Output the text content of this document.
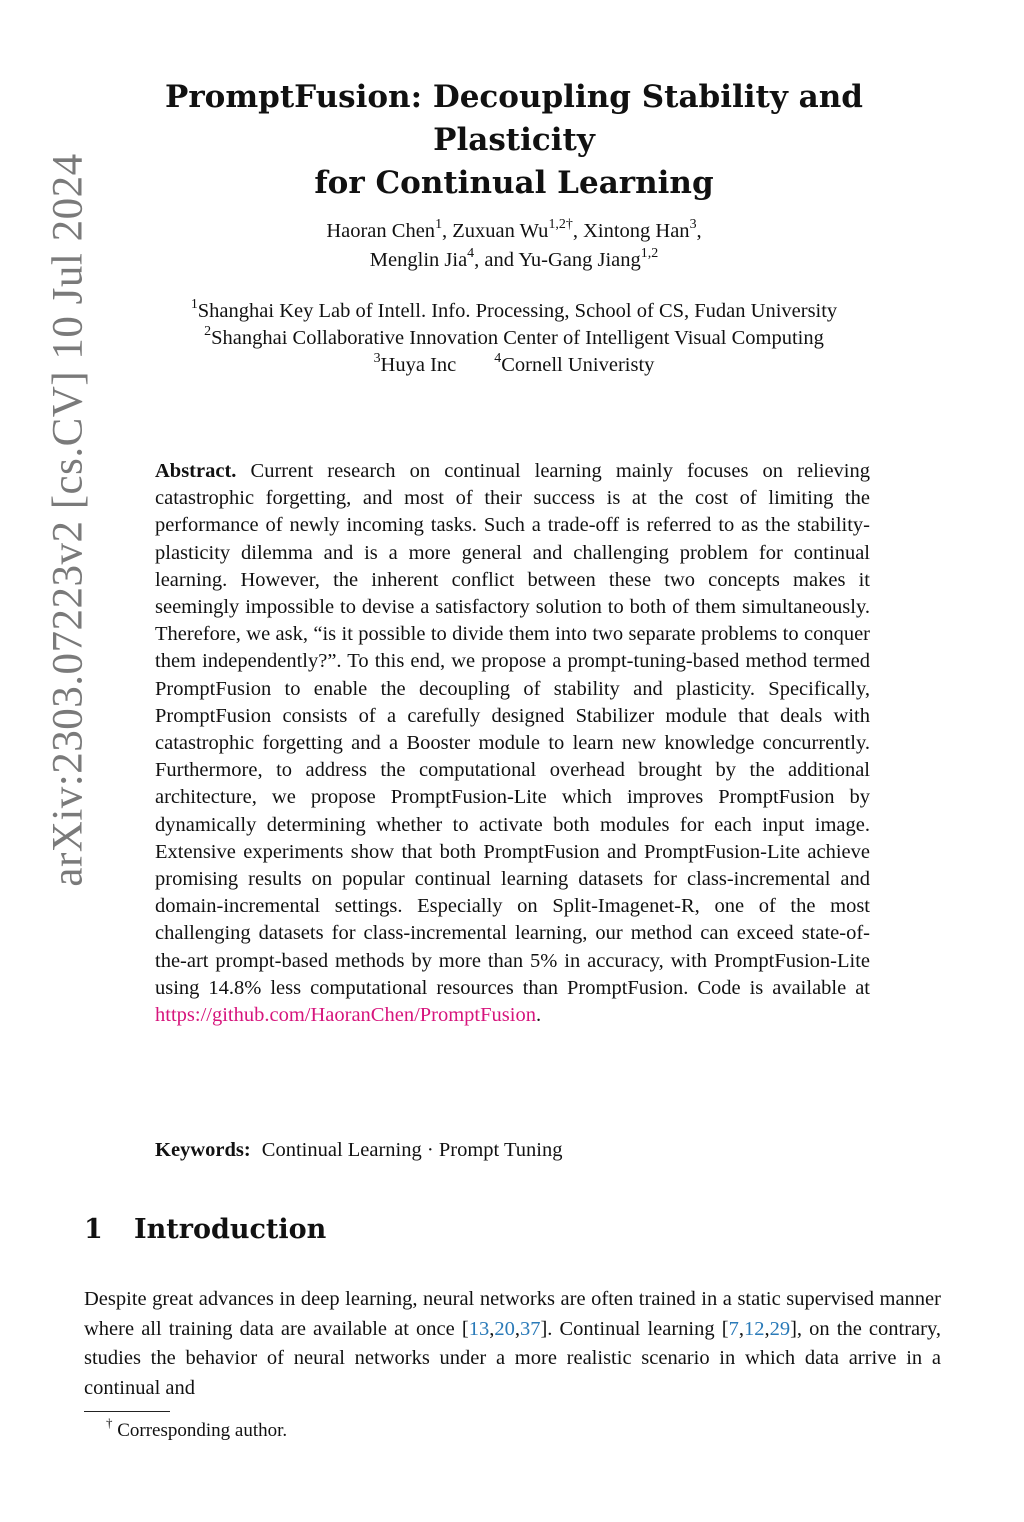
arXiv:2303.07223v2 [cs.CV] 10 Jul 2024
PromptFusion: Decoupling Stability and Plasticity
for Continual Learning
Haoran Chen$^1$, Zuxuan $Wu^{1,2\dagger}$, Xintong Han$^3$,
Menglin Jia$^4$, and Yu-Gang Jiang$^{1,2}$
$^1$Shanghai Key Lab of Intell. Info. Processing, School of CS, Fudan University
$^2$Shanghai Collaborative Innovation Center of Intelligent Visual Computing
$^3$Huya Inc	$^4$Cornell Univeristy

Abstract. Current research on continual learning mainly focuses on relieving catastrophic forgetting, and most of their success is at the cost of limiting the performance of newly incoming tasks. Such a trade-off is referred to as the stability-plasticity dilemma and is a more general and challenging problem for continual learning. However, the inherent conflict between these two concepts makes it seemingly impossible to devise a satisfactory solution to both of them simultaneously. Therefore, we ask, “is it possible to divide them into two separate problems to conquer them independently?”. To this end, we propose a prompt-tuning-based method termed PromptFusion to enable the decoupling of stability and plasticity. Specifically, PromptFusion consists of a carefully designed Stabilizer module that deals with catastrophic forgetting and a Booster module to learn new knowledge concurrently. Furthermore, to address the computational overhead brought by the additional architecture, we propose PromptFusion-Lite which improves PromptFusion by dynamically determining whether to activate both modules for each input image. Extensive experiments show that both PromptFusion and PromptFusion-Lite achieve promising results on popular continual learning datasets for class-incremental and domain-incremental settings. Especially on Split-Imagenet-R, one of the most challenging datasets for class-incremental learning, our method can exceed state-of-the-art prompt-based methods by more than 5% in accuracy, with PromptFusion-Lite using 14.8% less computational resources than PromptFusion. Code is available at https://github.com/HaoranChen/PromptFusion.

Keywords: Continual Learning · Prompt Tuning
1 Introduction

Despite great advances in deep learning, neural networks are often trained in a static supervised manner where all training data are available at once [13,20,37]. Continual learning [7,12,29], on the contrary, studies the behavior of neural networks under a more realistic scenario in which data arrive in a continual and

† Corresponding author.
